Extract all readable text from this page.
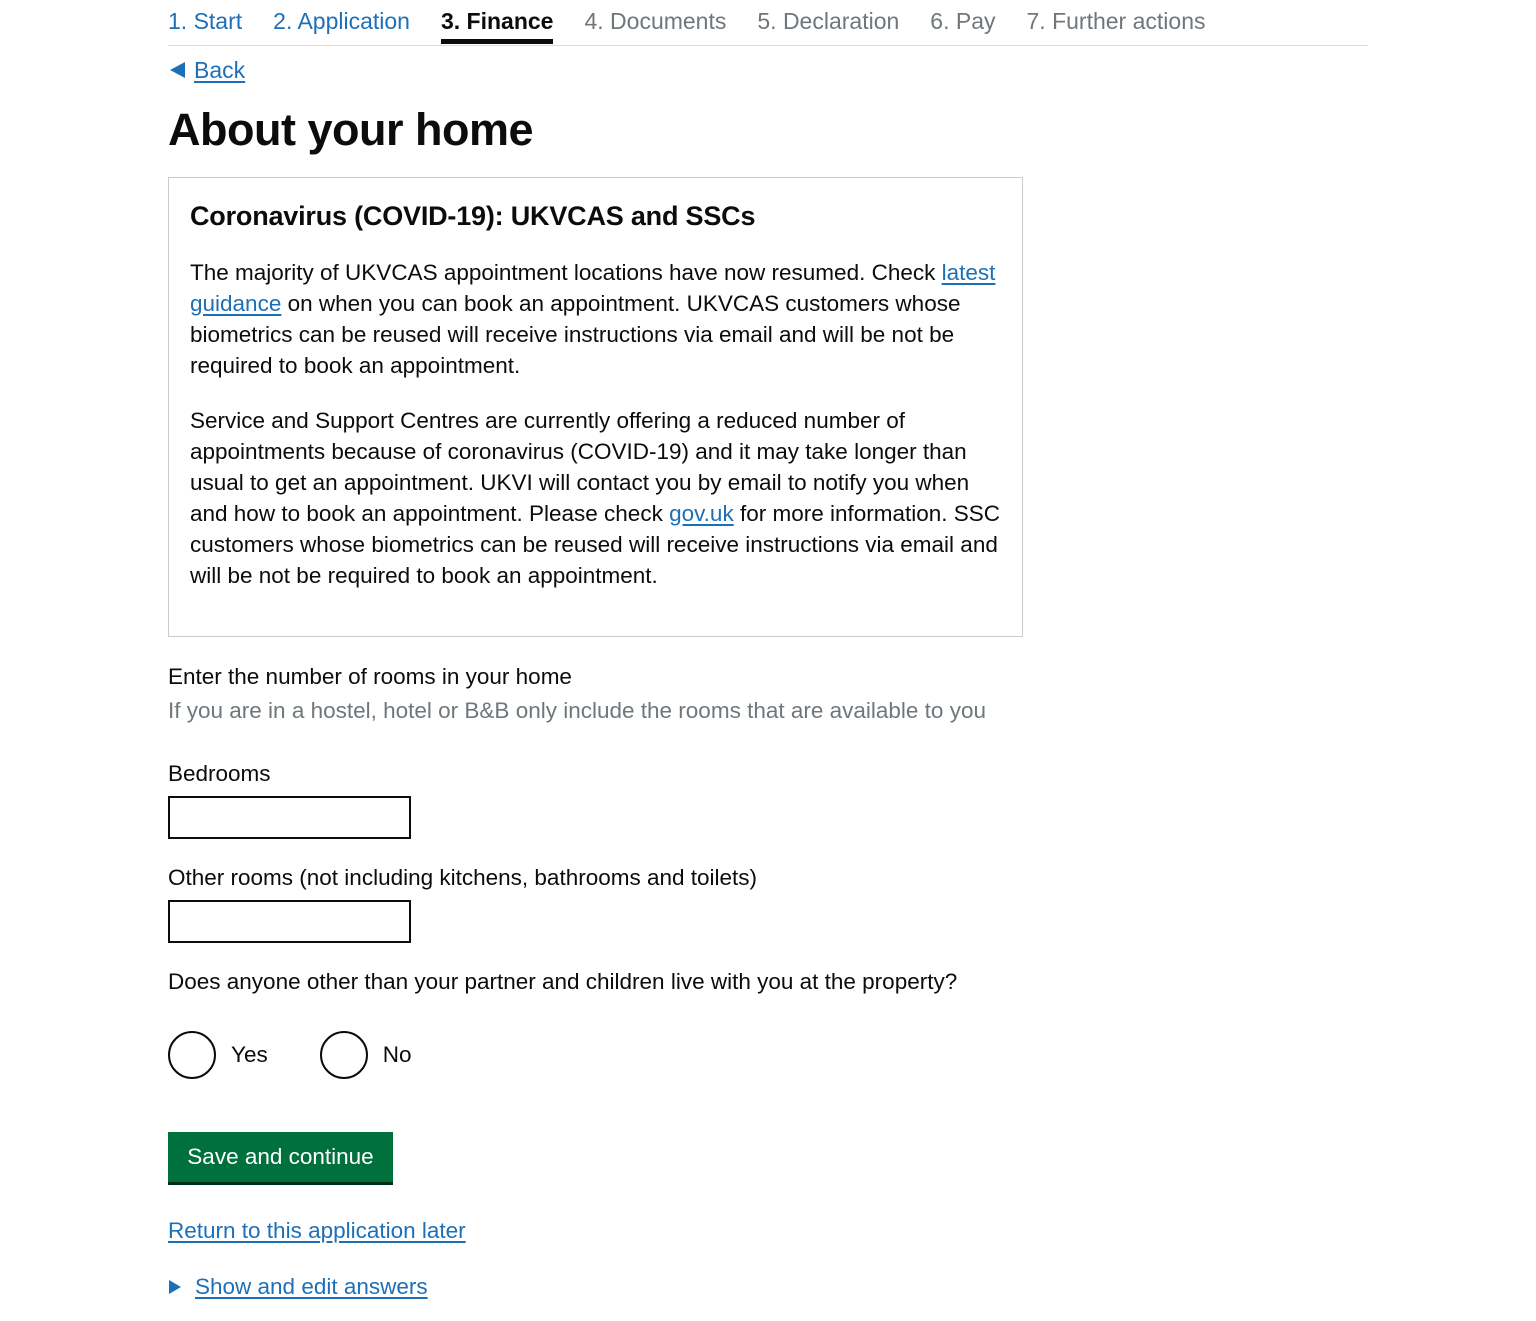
1. Start 2. Application 3. Finance 4. Documents 5. Declaration 6. Pay 7. Further actions
Back
About your home
Coronavirus (COVID-19): UKVCAS and SSCs

The majority of UKVCAS appointment locations have now resumed. Check latest guidance on when you can book an appointment. UKVCAS customers whose biometrics can be reused will receive instructions via email and will be not be required to book an appointment.

Service and Support Centres are currently offering a reduced number of appointments because of coronavirus (COVID-19) and it may take longer than usual to get an appointment. UKVI will contact you by email to notify you when and how to book an appointment. Please check gov.uk for more information. SSC customers whose biometrics can be reused will receive instructions via email and will be not be required to book an appointment.

Enter the number of rooms in your home
If you are in a hostel, hotel or B&B only include the rooms that are available to you
Bedrooms
Other rooms (not including kitchens, bathrooms and toilets)
Does anyone other than your partner and children live with you at the property?
Yes	No
Save and continue
Return to this application later
Show and edit answers
